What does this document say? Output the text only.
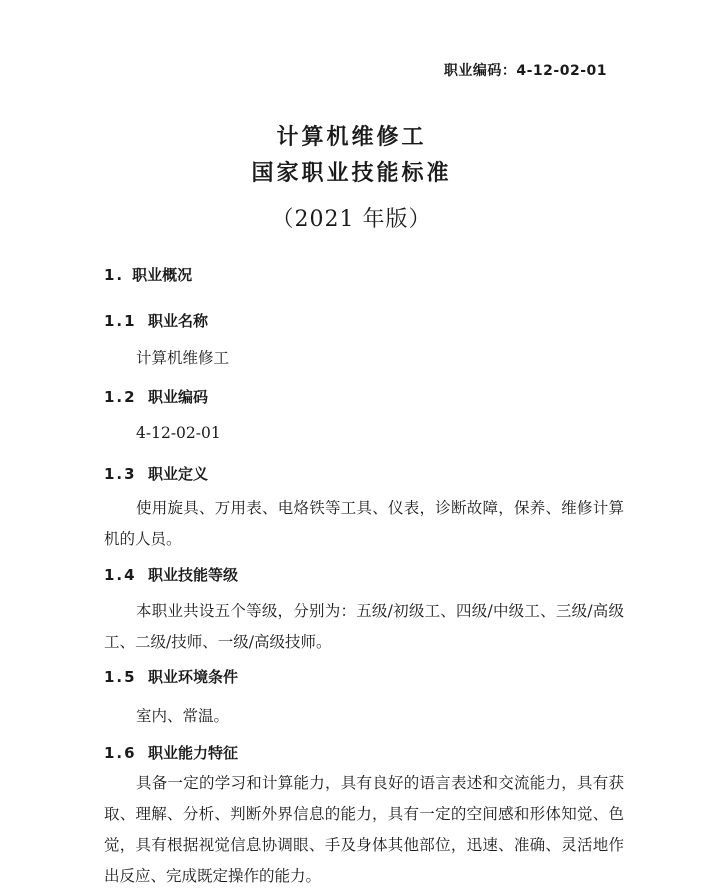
职业编码：4-12-02-01
计算机维修工
国家职业技能标准
（2021 年版）
1. 职业概况
1.1 职业名称
计算机维修工
1.2 职业编码
4-12-02-01
1.3 职业定义
使用旋具、万用表、电烙铁等工具、仪表，诊断故障，保养、维修计算机的人员。
1.4 职业技能等级
本职业共设五个等级，分别为：五级/初级工、四级/中级工、三级/高级工、二级/技师、一级/高级技师。
1.5 职业环境条件
室内、常温。
1.6 职业能力特征
具备一定的学习和计算能力，具有良好的语言表述和交流能力，具有获取、理解、分析、判断外界信息的能力，具有一定的空间感和形体知觉、色觉，具有根据视觉信息协调眼、手及身体其他部位，迅速、准确、灵活地作出反应、完成既定操作的能力。
